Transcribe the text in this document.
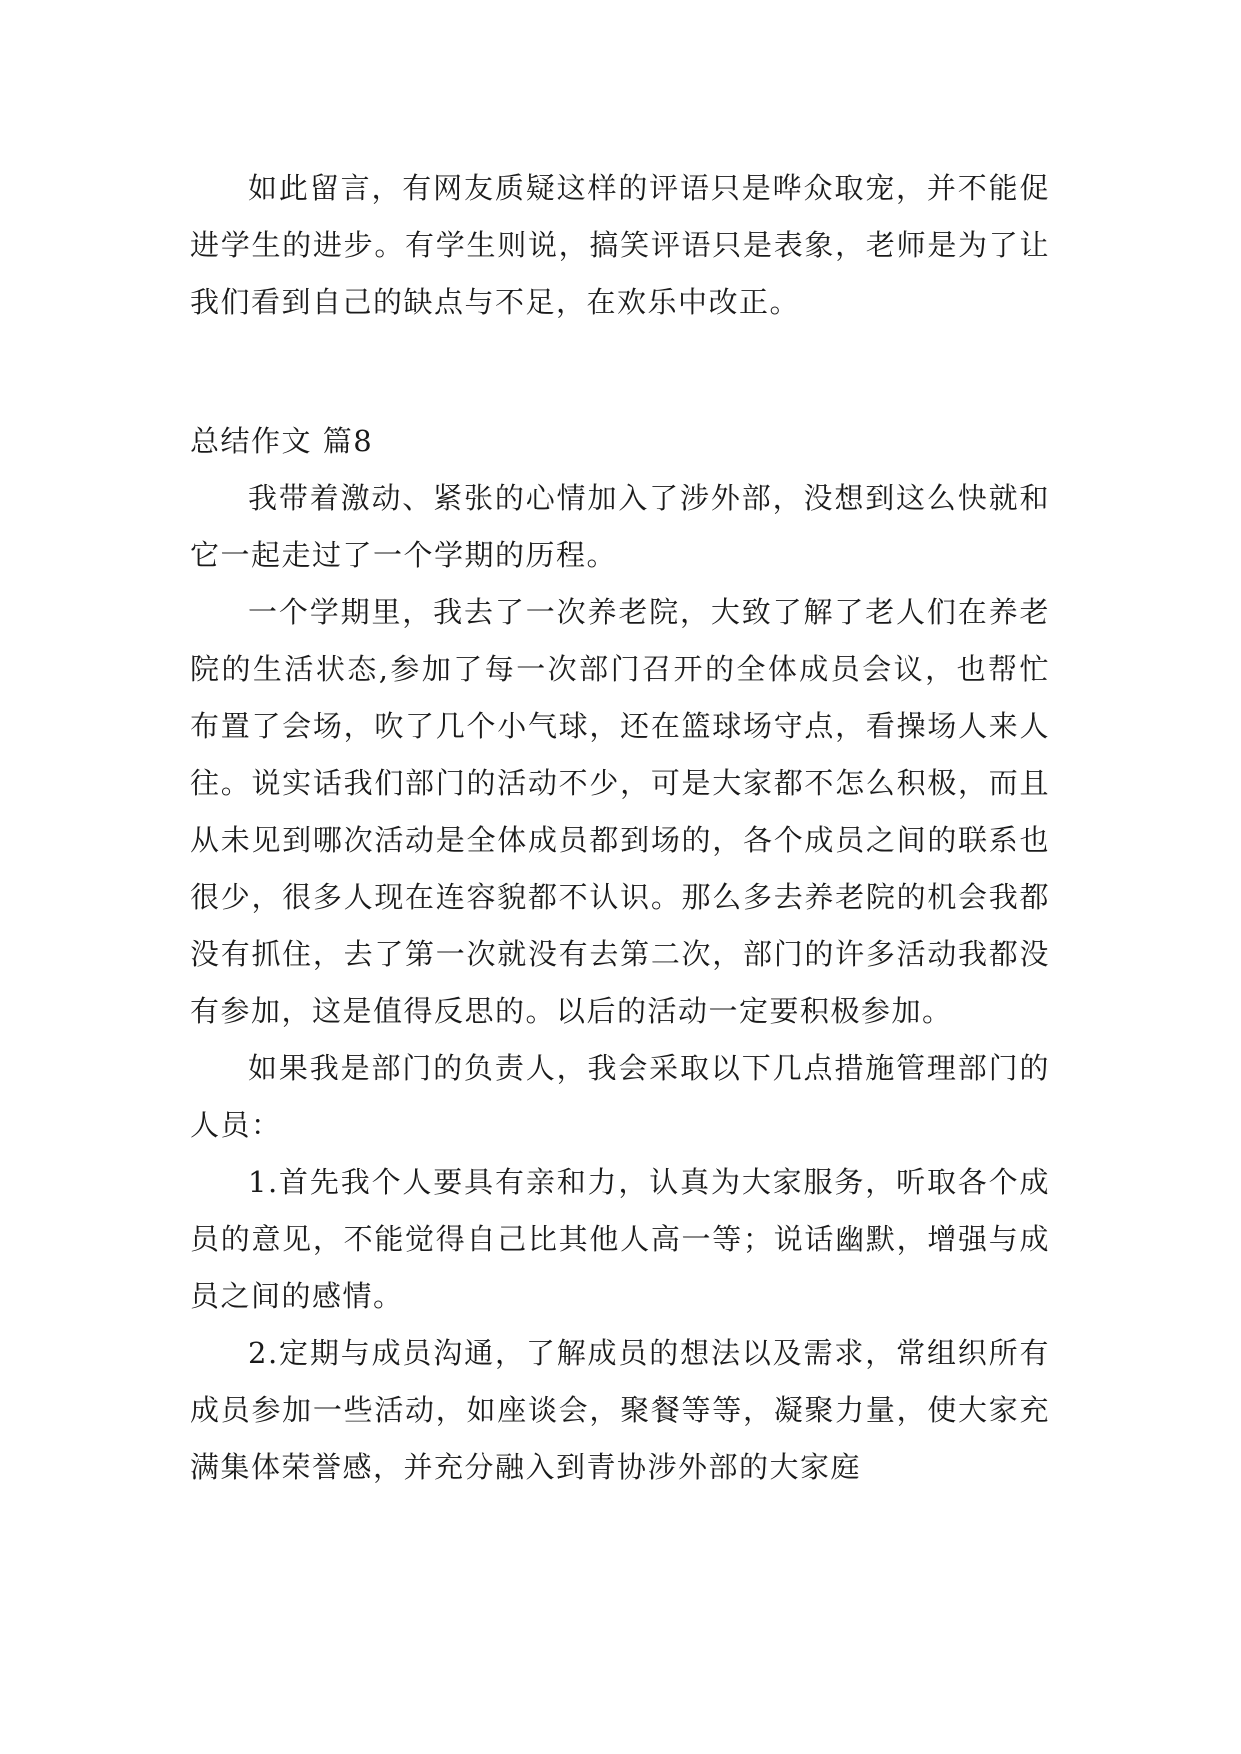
如此留言，有网友质疑这样的评语只是哗众取宠，并不能促进学生的进步。有学生则说，搞笑评语只是表象，老师是为了让我们看到自己的缺点与不足，在欢乐中改正。

总结作文 篇8

我带着激动、紧张的心情加入了涉外部，没想到这么快就和它一起走过了一个学期的历程。

一个学期里，我去了一次养老院，大致了解了老人们在养老院的生活状态,参加了每一次部门召开的全体成员会议，也帮忙布置了会场，吹了几个小气球，还在篮球场守点，看操场人来人往。说实话我们部门的活动不少，可是大家都不怎么积极，而且从未见到哪次活动是全体成员都到场的，各个成员之间的联系也很少，很多人现在连容貌都不认识。那么多去养老院的机会我都没有抓住，去了第一次就没有去第二次，部门的许多活动我都没有参加，这是值得反思的。以后的活动一定要积极参加。

如果我是部门的负责人，我会采取以下几点措施管理部门的人员：

1.首先我个人要具有亲和力，认真为大家服务，听取各个成员的意见，不能觉得自己比其他人高一等；说话幽默，增强与成员之间的感情。

2.定期与成员沟通，了解成员的想法以及需求，常组织所有成员参加一些活动，如座谈会，聚餐等等，凝聚力量，使大家充满集体荣誉感，并充分融入到青协涉外部的大家庭
